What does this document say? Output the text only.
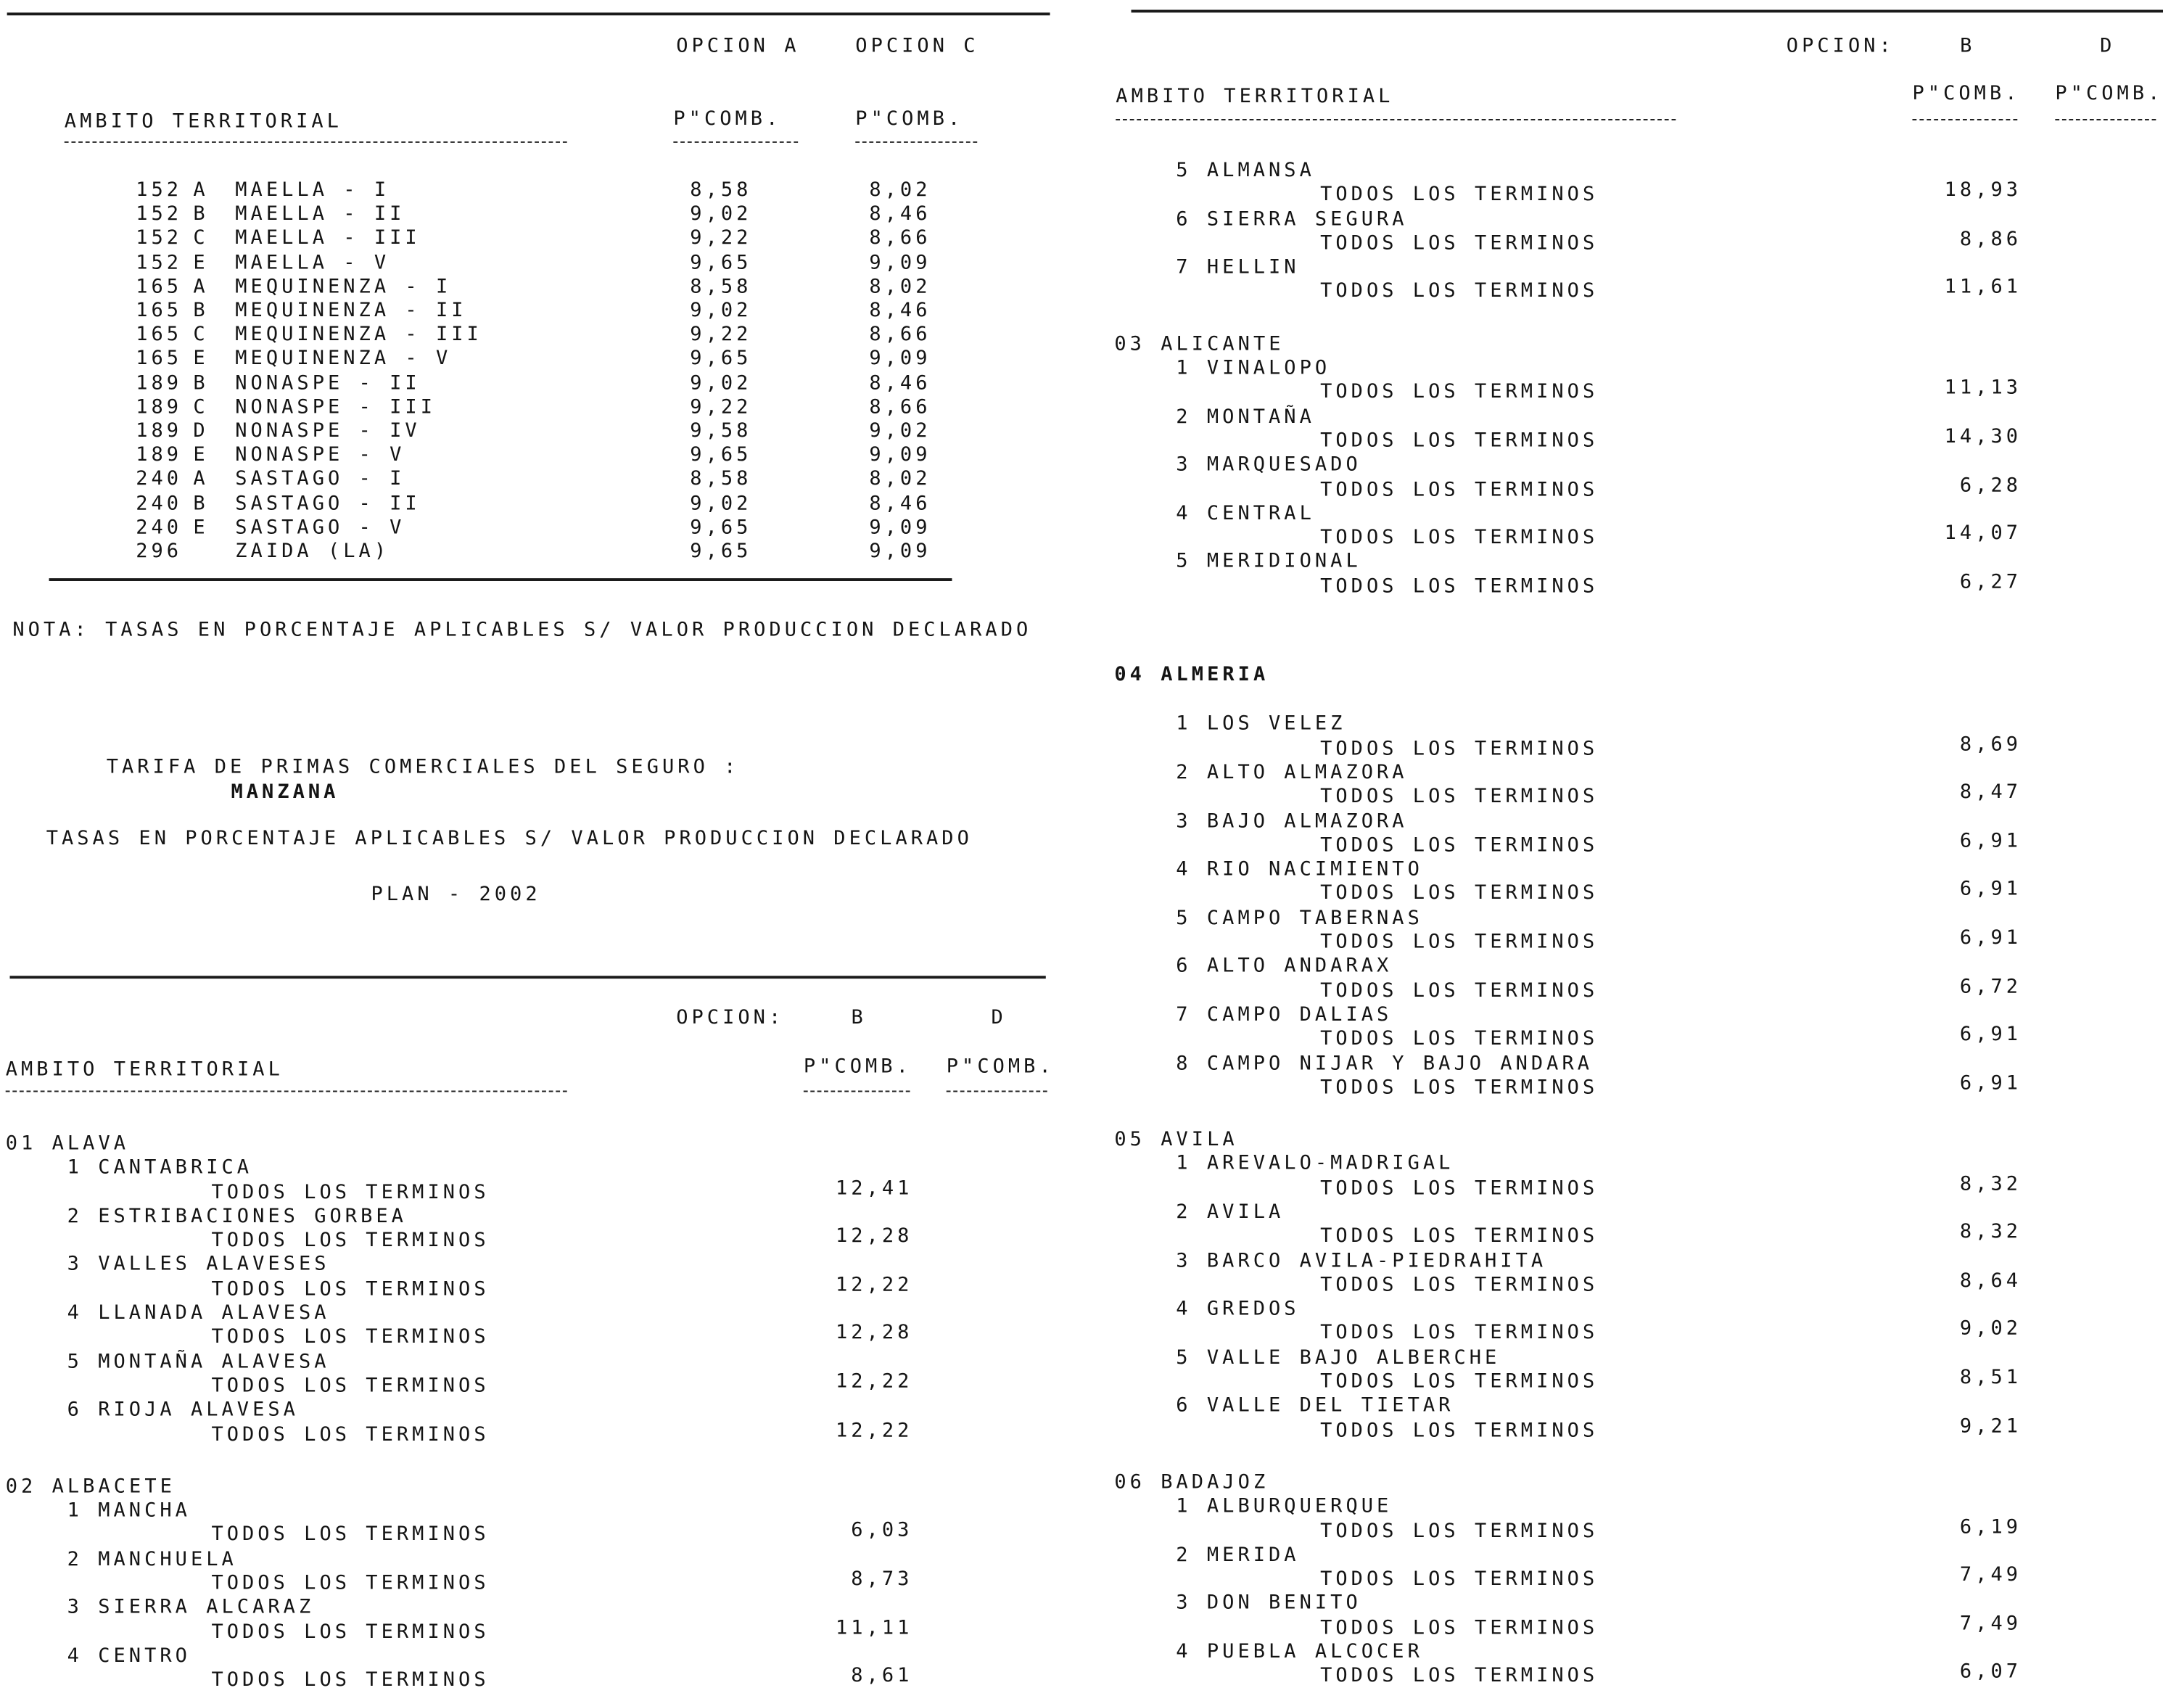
OPCION A	OPCION C
AMBITO TERRITORIAL	P"COMB.	P"COMB.
152 A	MAELLA - I	8,58	8,02
152 B	MAELLA - II	9,02	8,46
152 C	MAELLA - III	9,22	8,66
152 E	MAELLA - V	9,65	9,09
165 A	MEQUINENZA - I	8,58	8,02
165 B	MEQUINENZA - II	9,02	8,46
165 C	MEQUINENZA - III	9,22	8,66
165 E	MEQUINENZA - V	9,65	9,09
189 B	NONASPE - II	9,02	8,46
189 C	NONASPE - III	9,22	8,66
189 D	NONASPE - IV	9,58	9,02
189 E	NONASPE - V	9,65	9,09
240 A	SASTAGO - I	8,58	8,02
240 B	SASTAGO - II	9,02	8,46
240 E	SASTAGO - V	9,65	9,09
296	ZAIDA (LA)	9,65	9,09
NOTA: TASAS EN PORCENTAJE APLICABLES S/ VALOR PRODUCCION DECLARADO
TARIFA DE PRIMAS COMERCIALES DEL SEGURO :
MANZANA
TASAS EN PORCENTAJE APLICABLES S/ VALOR PRODUCCION DECLARADO
PLAN - 2002
OPCION:	B	D
AMBITO TERRITORIAL	P"COMB.	P"COMB.
01 ALAVA
1 CANTABRICA
TODOS LOS TERMINOS	12,41
2 ESTRIBACIONES GORBEA
TODOS LOS TERMINOS	12,28
3 VALLES ALAVESES
TODOS LOS TERMINOS	12,22
4 LLANADA ALAVESA
TODOS LOS TERMINOS	12,28
5 MONTAÑA ALAVESA
TODOS LOS TERMINOS	12,22
6 RIOJA ALAVESA
TODOS LOS TERMINOS	12,22
02 ALBACETE
1 MANCHA
TODOS LOS TERMINOS	6,03
2 MANCHUELA
TODOS LOS TERMINOS	8,73
3 SIERRA ALCARAZ
TODOS LOS TERMINOS	11,11
4 CENTRO
TODOS LOS TERMINOS	8,61
OPCION:	B	D
AMBITO TERRITORIAL	P"COMB.	P"COMB.
5 ALMANSA
TODOS LOS TERMINOS	18,93
6 SIERRA SEGURA
TODOS LOS TERMINOS	8,86
7 HELLIN
TODOS LOS TERMINOS	11,61
03 ALICANTE
1 VINALOPO
TODOS LOS TERMINOS	11,13
2 MONTAÑA
TODOS LOS TERMINOS	14,30
3 MARQUESADO
TODOS LOS TERMINOS	6,28
4 CENTRAL
TODOS LOS TERMINOS	14,07
5 MERIDIONAL
TODOS LOS TERMINOS	6,27
04 ALMERIA
1 LOS VELEZ
TODOS LOS TERMINOS	8,69
2 ALTO ALMAZORA
TODOS LOS TERMINOS	8,47
3 BAJO ALMAZORA
TODOS LOS TERMINOS	6,91
4 RIO NACIMIENTO
TODOS LOS TERMINOS	6,91
5 CAMPO TABERNAS
TODOS LOS TERMINOS	6,91
6 ALTO ANDARAX
TODOS LOS TERMINOS	6,72
7 CAMPO DALIAS
TODOS LOS TERMINOS	6,91
8 CAMPO NIJAR Y BAJO ANDARA
TODOS LOS TERMINOS	6,91
05 AVILA
1 AREVALO-MADRIGAL
TODOS LOS TERMINOS	8,32
2 AVILA
TODOS LOS TERMINOS	8,32
3 BARCO AVILA-PIEDRAHITA
TODOS LOS TERMINOS	8,64
4 GREDOS
TODOS LOS TERMINOS	9,02
5 VALLE BAJO ALBERCHE
TODOS LOS TERMINOS	8,51
6 VALLE DEL TIETAR
TODOS LOS TERMINOS	9,21
06 BADAJOZ
1 ALBURQUERQUE
TODOS LOS TERMINOS	6,19
2 MERIDA
TODOS LOS TERMINOS	7,49
3 DON BENITO
TODOS LOS TERMINOS	7,49
4 PUEBLA ALCOCER
TODOS LOS TERMINOS	6,07
